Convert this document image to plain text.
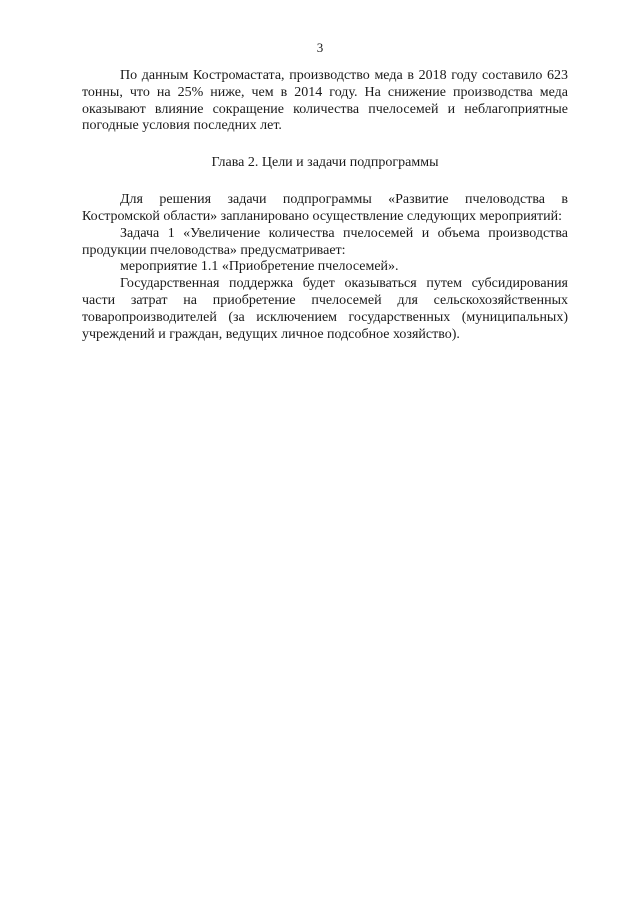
3

По данным Костромастата, производство меда в 2018 году составило 623 тонны, что на 25% ниже, чем в 2014 году. На снижение производства меда оказывают влияние сокращение количества пчелосемей и неблагоприятные погодные условия последних лет.

Глава 2. Цели и задачи подпрограммы

Для решения задачи подпрограммы «Развитие пчеловодства в Костромской области» запланировано осуществление следующих мероприятий:

Задача 1 «Увеличение количества пчелосемей и объема производства продукции пчеловодства» предусматривает:

мероприятие 1.1 «Приобретение пчелосемей».

Государственная поддержка будет оказываться путем субсидирования части затрат на приобретение пчелосемей для сельскохозяйственных товаропроизводителей (за исключением государственных (муниципальных) учреждений и граждан, ведущих личное подсобное хозяйство).
